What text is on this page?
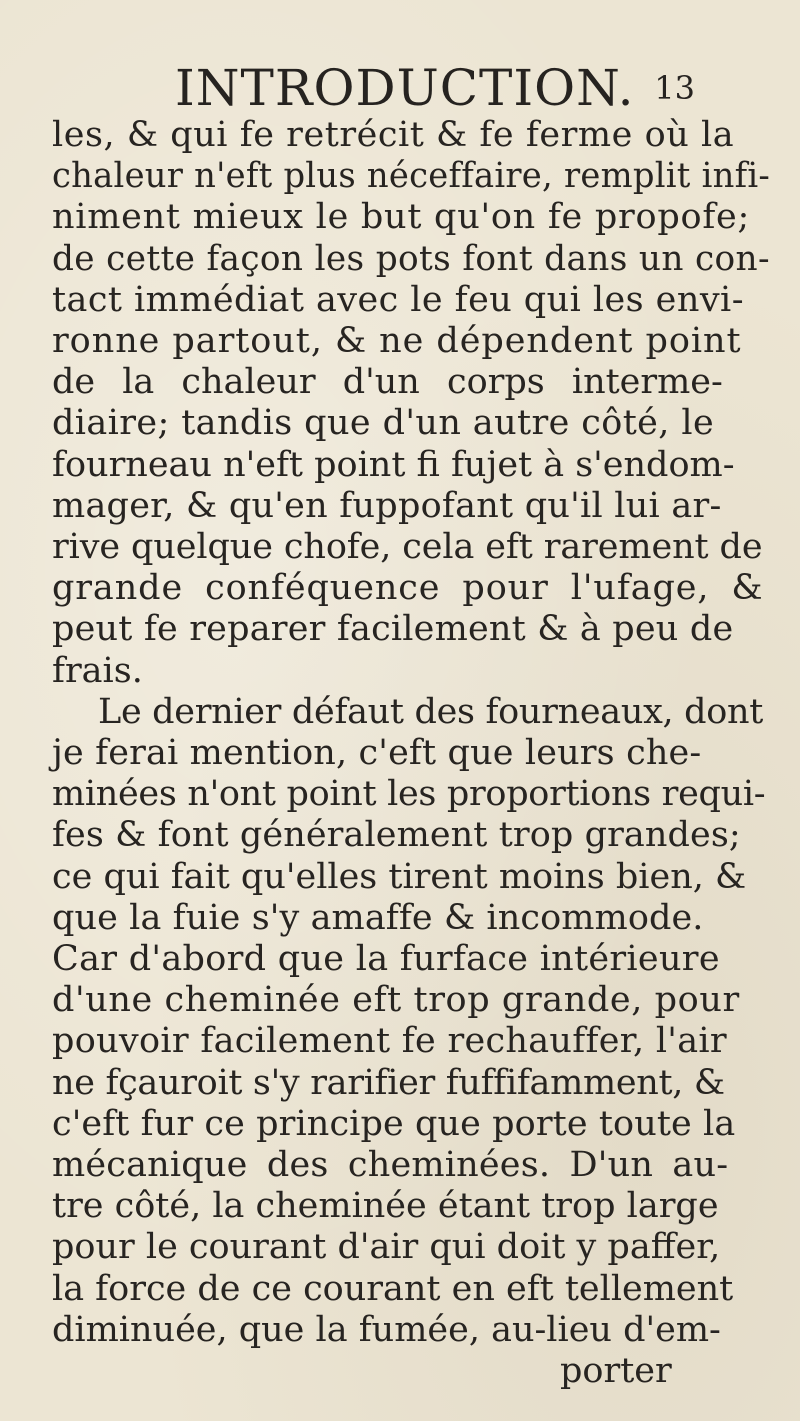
INTRODUCTION. 13
les, & qui fe retrécit & fe ferme où la
chaleur n'eft plus néceffaire, remplit infi-
niment mieux le but qu'on fe propofe;
de cette façon les pots font dans un con-
tact immédiat avec le feu qui les envi-
ronne partout, & ne dépendent point
de la chaleur d'un corps interme-
diaire; tandis que d'un autre côté, le
fourneau n'eft point fi fujet à s'endom-
mager, & qu'en fuppofant qu'il lui ar-
rive quelque chofe, cela eft rarement de
grande conféquence pour l'ufage, &
peut fe reparer facilement & à peu de
frais.
Le dernier défaut des fourneaux, dont
je ferai mention, c'eft que leurs che-
minées n'ont point les proportions requi-
fes & font généralement trop grandes;
ce qui fait qu'elles tirent moins bien, &
que la fuie s'y amaffe & incommode.
Car d'abord que la furface intérieure
d'une cheminée eft trop grande, pour
pouvoir facilement fe rechauffer, l'air
ne fçauroit s'y rarifier fuffifamment, &
c'eft fur ce principe que porte toute la
mécanique des cheminées. D'un au-
tre côté, la cheminée étant trop large
pour le courant d'air qui doit y paffer,
la force de ce courant en eft tellement
diminuée, que la fumée, au-lieu d'em-
porter
